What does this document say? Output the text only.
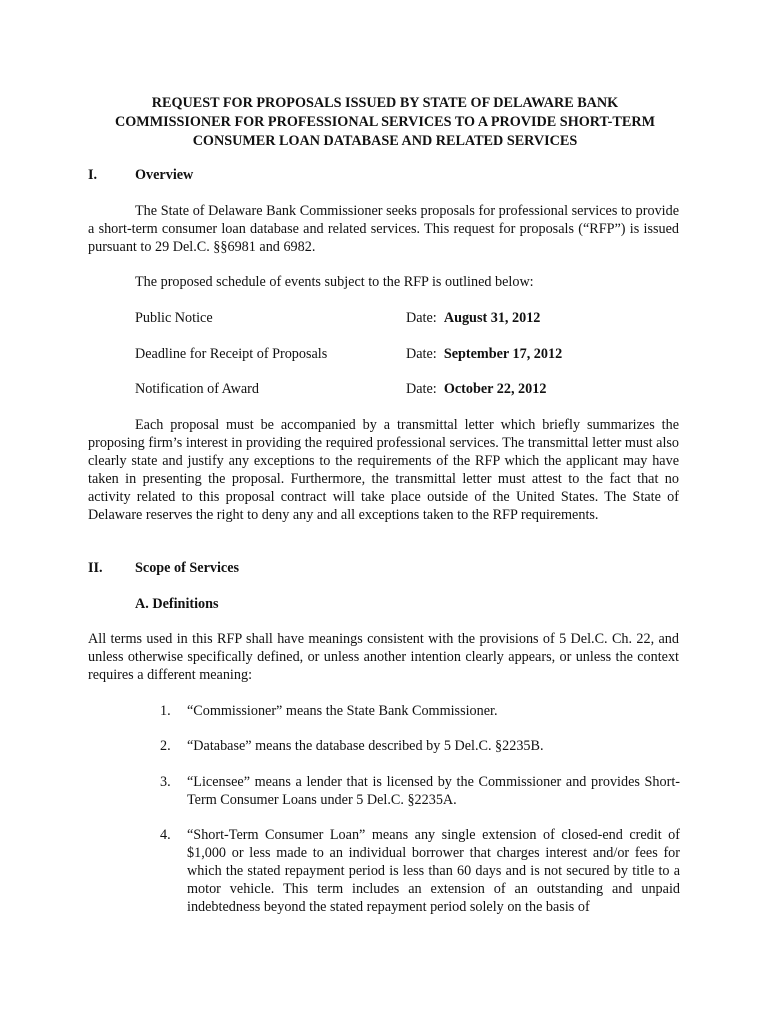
REQUEST FOR PROPOSALS ISSUED BY STATE OF DELAWARE BANK
COMMISSIONER FOR PROFESSIONAL SERVICES TO A PROVIDE SHORT-TERM
CONSUMER LOAN DATABASE AND RELATED SERVICES
I.	Overview

The State of Delaware Bank Commissioner seeks proposals for professional services to provide a short-term consumer loan database and related services. This request for proposals (“RFP”) is issued pursuant to 29 Del.C. §§6981 and 6982.

The proposed schedule of events subject to the RFP is outlined below:
Public Notice	Date: August 31, 2012
Deadline for Receipt of Proposals	Date: September 17, 2012
Notification of Award	Date: October 22, 2012

Each proposal must be accompanied by a transmittal letter which briefly summarizes the proposing firm’s interest in providing the required professional services. The transmittal letter must also clearly state and justify any exceptions to the requirements of the RFP which the applicant may have taken in presenting the proposal. Furthermore, the transmittal letter must attest to the fact that no activity related to this proposal contract will take place outside of the United States. The State of Delaware reserves the right to deny any and all exceptions taken to the RFP requirements.

II. Scope of Services
A. Definitions

All terms used in this RFP shall have meanings consistent with the provisions of 5 Del.C. Ch. 22, and unless otherwise specifically defined, or unless another intention clearly appears, or unless the context requires a different meaning:

1. “Commissioner” means the State Bank Commissioner.
2. “Database” means the database described by 5 Del.C. §2235B.
3. “Licensee” means a lender that is licensed by the Commissioner and provides Short-Term Consumer Loans under 5 Del.C. §2235A.
4. “Short-Term Consumer Loan” means any single extension of closed-end credit of $1,000 or less made to an individual borrower that charges interest and/or fees for which the stated repayment period is less than 60 days and is not secured by title to a motor vehicle. This term includes an extension of an outstanding and unpaid indebtedness beyond the stated repayment period solely on the basis of
